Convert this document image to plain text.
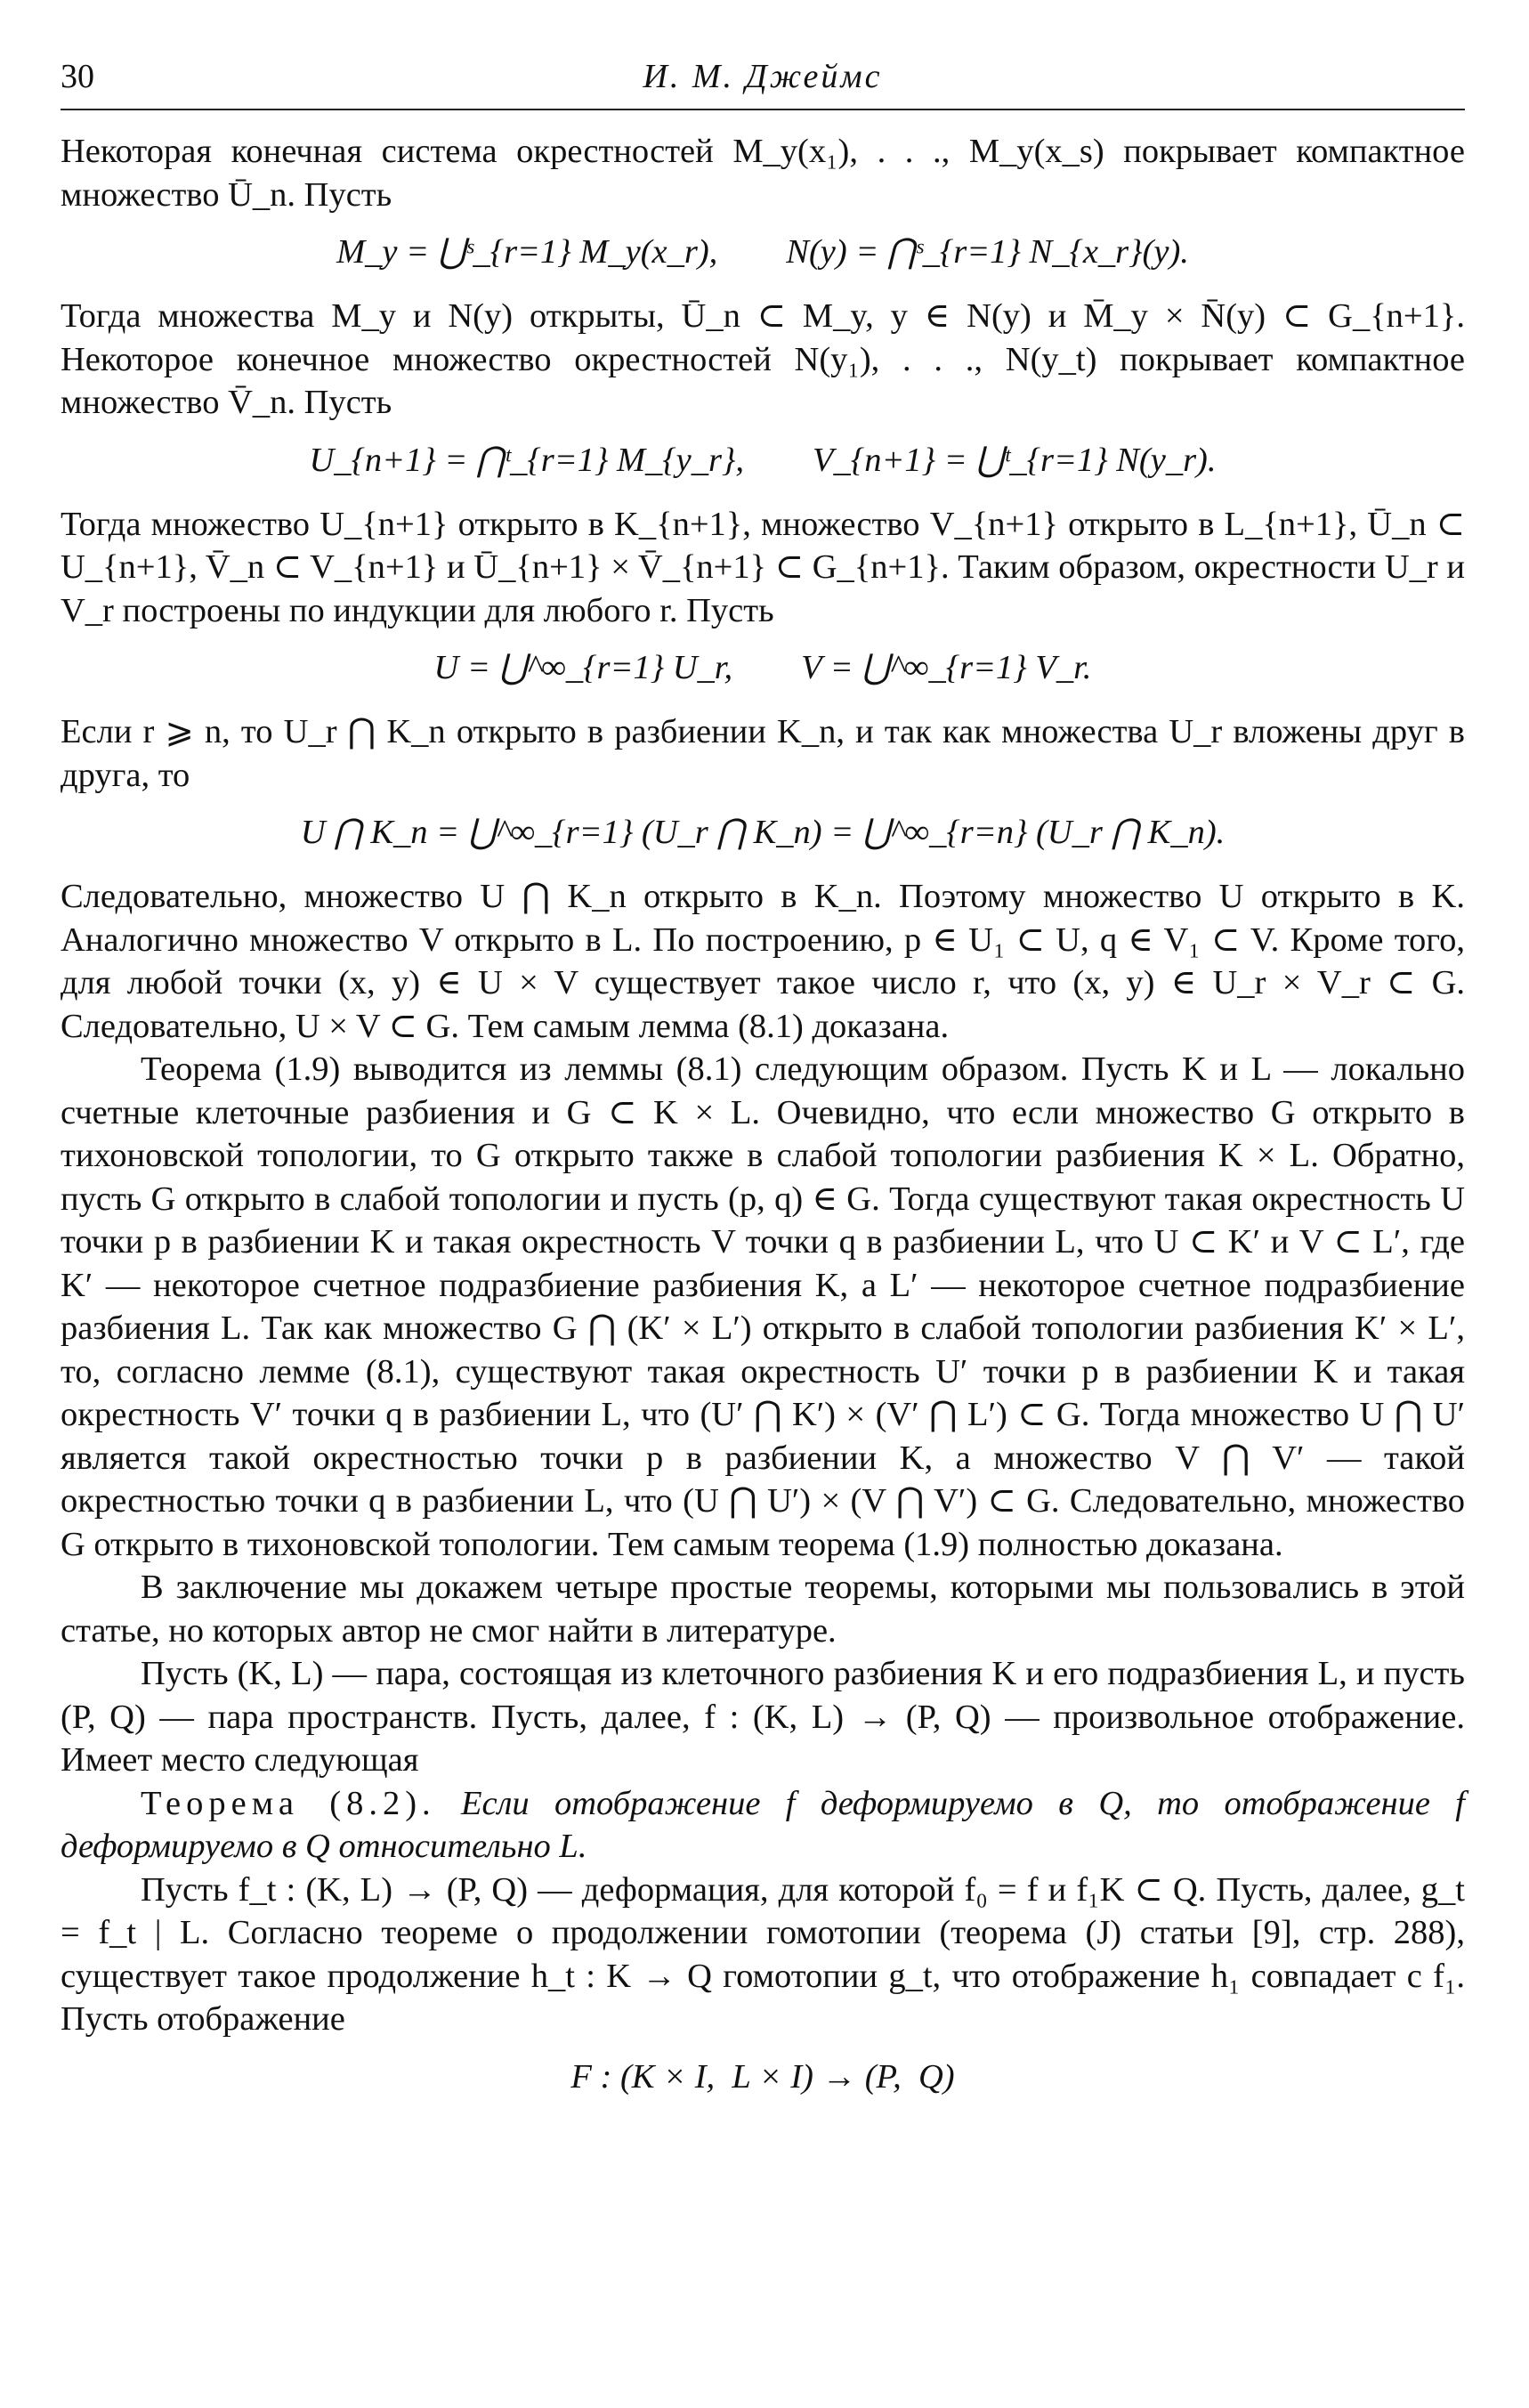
30	И. М. Джеймс

Некоторая конечная система окрестностей M_y(x₁), . . ., M_y(x_s) покрывает компактное множество Ū_n. Пусть

M_y = ⋃ˢ_{r=1} M_y(x_r),        N(y) = ⋂ˢ_{r=1} N_{x_r}(y).

Тогда множества M_y и N(y) открыты, Ū_n ⊂ M_y, y ∈ N(y) и M̄_y × N̄(y) ⊂ G_{n+1}. Некоторое конечное множество окрестностей N(y₁), . . ., N(y_t) покрывает компактное множество V̄_n. Пусть

U_{n+1} = ⋂ᵗ_{r=1} M_{y_r},        V_{n+1} = ⋃ᵗ_{r=1} N(y_r).

Тогда множество U_{n+1} открыто в K_{n+1}, множество V_{n+1} открыто в L_{n+1}, Ū_n ⊂ U_{n+1}, V̄_n ⊂ V_{n+1} и Ū_{n+1} × V̄_{n+1} ⊂ G_{n+1}. Таким образом, окрестности U_r и V_r построены по индукции для любого r. Пусть

U = ⋃^∞_{r=1} U_r,        V = ⋃^∞_{r=1} V_r.

Если r ⩾ n, то U_r ⋂ K_n открыто в разбиении K_n, и так как множества U_r вложены друг в друга, то

U ⋂ K_n = ⋃^∞_{r=1} (U_r ⋂ K_n) = ⋃^∞_{r=n} (U_r ⋂ K_n).

Следовательно, множество U ⋂ K_n открыто в K_n. Поэтому множество U открыто в K. Аналогично множество V открыто в L. По построению, p ∈ U₁ ⊂ U, q ∈ V₁ ⊂ V. Кроме того, для любой точки (x, y) ∈ U × V существует такое число r, что (x, y) ∈ U_r × V_r ⊂ G. Следовательно, U × V ⊂ G. Тем самым лемма (8.1) доказана.

Теорема (1.9) выводится из леммы (8.1) следующим образом. Пусть K и L — локально счетные клеточные разбиения и G ⊂ K × L. Очевидно, что если множество G открыто в тихоновской топологии, то G открыто также в слабой топологии разбиения K × L. Обратно, пусть G открыто в слабой топологии и пусть (p, q) ∈ G. Тогда существуют такая окрестность U точки p в разбиении K и такая окрестность V точки q в разбиении L, что U ⊂ K′ и V ⊂ L′, где K′ — некоторое счетное подразбиение разбиения K, а L′ — некоторое счетное подразбиение разбиения L. Так как множество G ⋂ (K′ × L′) открыто в слабой топологии разбиения K′ × L′, то, согласно лемме (8.1), существуют такая окрестность U′ точки p в разбиении K и такая окрестность V′ точки q в разбиении L, что (U′ ⋂ K′) × (V′ ⋂ L′) ⊂ G. Тогда множество U ⋂ U′ является такой окрестностью точки p в разбиении K, а множество V ⋂ V′ — такой окрестностью точки q в разбиении L, что (U ⋂ U′) × (V ⋂ V′) ⊂ G. Следовательно, множество G открыто в тихоновской топологии. Тем самым теорема (1.9) полностью доказана.

В заключение мы докажем четыре простые теоремы, которыми мы пользовались в этой статье, но которых автор не смог найти в литературе.

Пусть (K, L) — пара, состоящая из клеточного разбиения K и его подразбиения L, и пусть (P, Q) — пара пространств. Пусть, далее, f : (K, L) → (P, Q) — произвольное отображение. Имеет место следующая

Теорема (8.2). Если отображение f деформируемо в Q, то отображение f деформируемо в Q относительно L.

Пусть f_t : (K, L) → (P, Q) — деформация, для которой f₀ = f и f₁K ⊂ Q. Пусть, далее, g_t = f_t | L. Согласно теореме о продолжении гомотопии (теорема (J) статьи [9], стр. 288), существует такое продолжение h_t : K → Q гомотопии g_t, что отображение h₁ совпадает с f₁. Пусть отображение

F : (K × I,  L × I) → (P,  Q)
